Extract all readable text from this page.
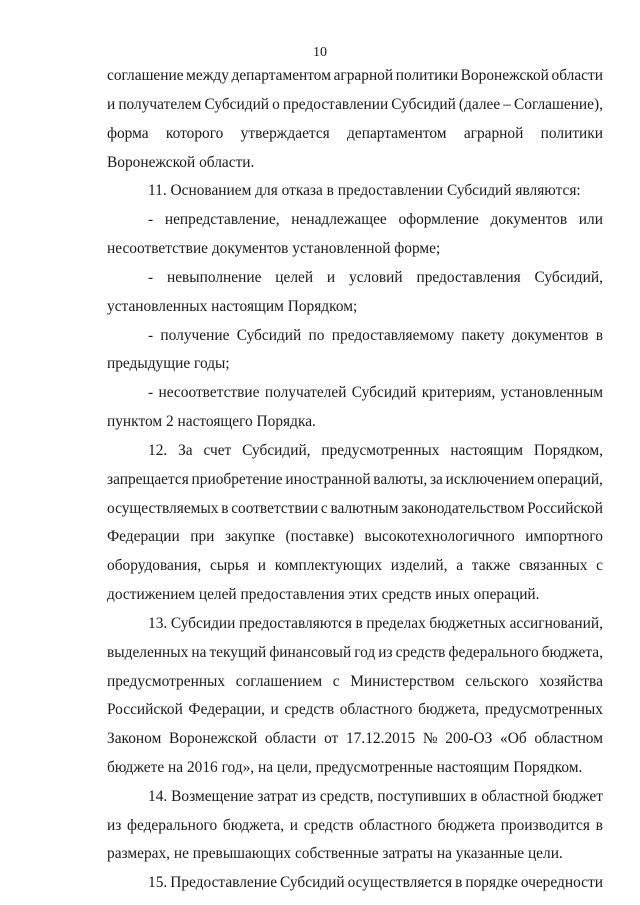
10
соглашение между департаментом аграрной политики Воронежской области
и получателем Субсидий о предоставлении Субсидий (далее – Соглашение),
форма которого утверждается департаментом аграрной политики
Воронежской области.
11. Основанием для отказа в предоставлении Субсидий являются:
- непредставление, ненадлежащее оформление документов или
несоответствие документов установленной форме;
- невыполнение целей и условий предоставления Субсидий,
установленных настоящим Порядком;
- получение Субсидий по предоставляемому пакету документов в
предыдущие годы;
- несоответствие получателей Субсидий критериям, установленным
пунктом 2 настоящего Порядка.
12. За счет Субсидий, предусмотренных настоящим Порядком,
запрещается приобретение иностранной валюты, за исключением операций,
осуществляемых в соответствии с валютным законодательством Российской
Федерации при закупке (поставке) высокотехнологичного импортного
оборудования, сырья и комплектующих изделий, а также связанных с
достижением целей предоставления этих средств иных операций.
13. Субсидии предоставляются в пределах бюджетных ассигнований,
выделенных на текущий финансовый год из средств федерального бюджета,
предусмотренных соглашением с Министерством сельского хозяйства
Российской Федерации, и средств областного бюджета, предусмотренных
Законом Воронежской области от 17.12.2015 № 200-ОЗ «Об областном
бюджете на 2016 год», на цели, предусмотренные настоящим Порядком.
14. Возмещение затрат из средств, поступивших в областной бюджет
из федерального бюджета, и средств областного бюджета производится в
размерах, не превышающих собственные затраты на указанные цели.
15. Предоставление Субсидий осуществляется в порядке очередности
